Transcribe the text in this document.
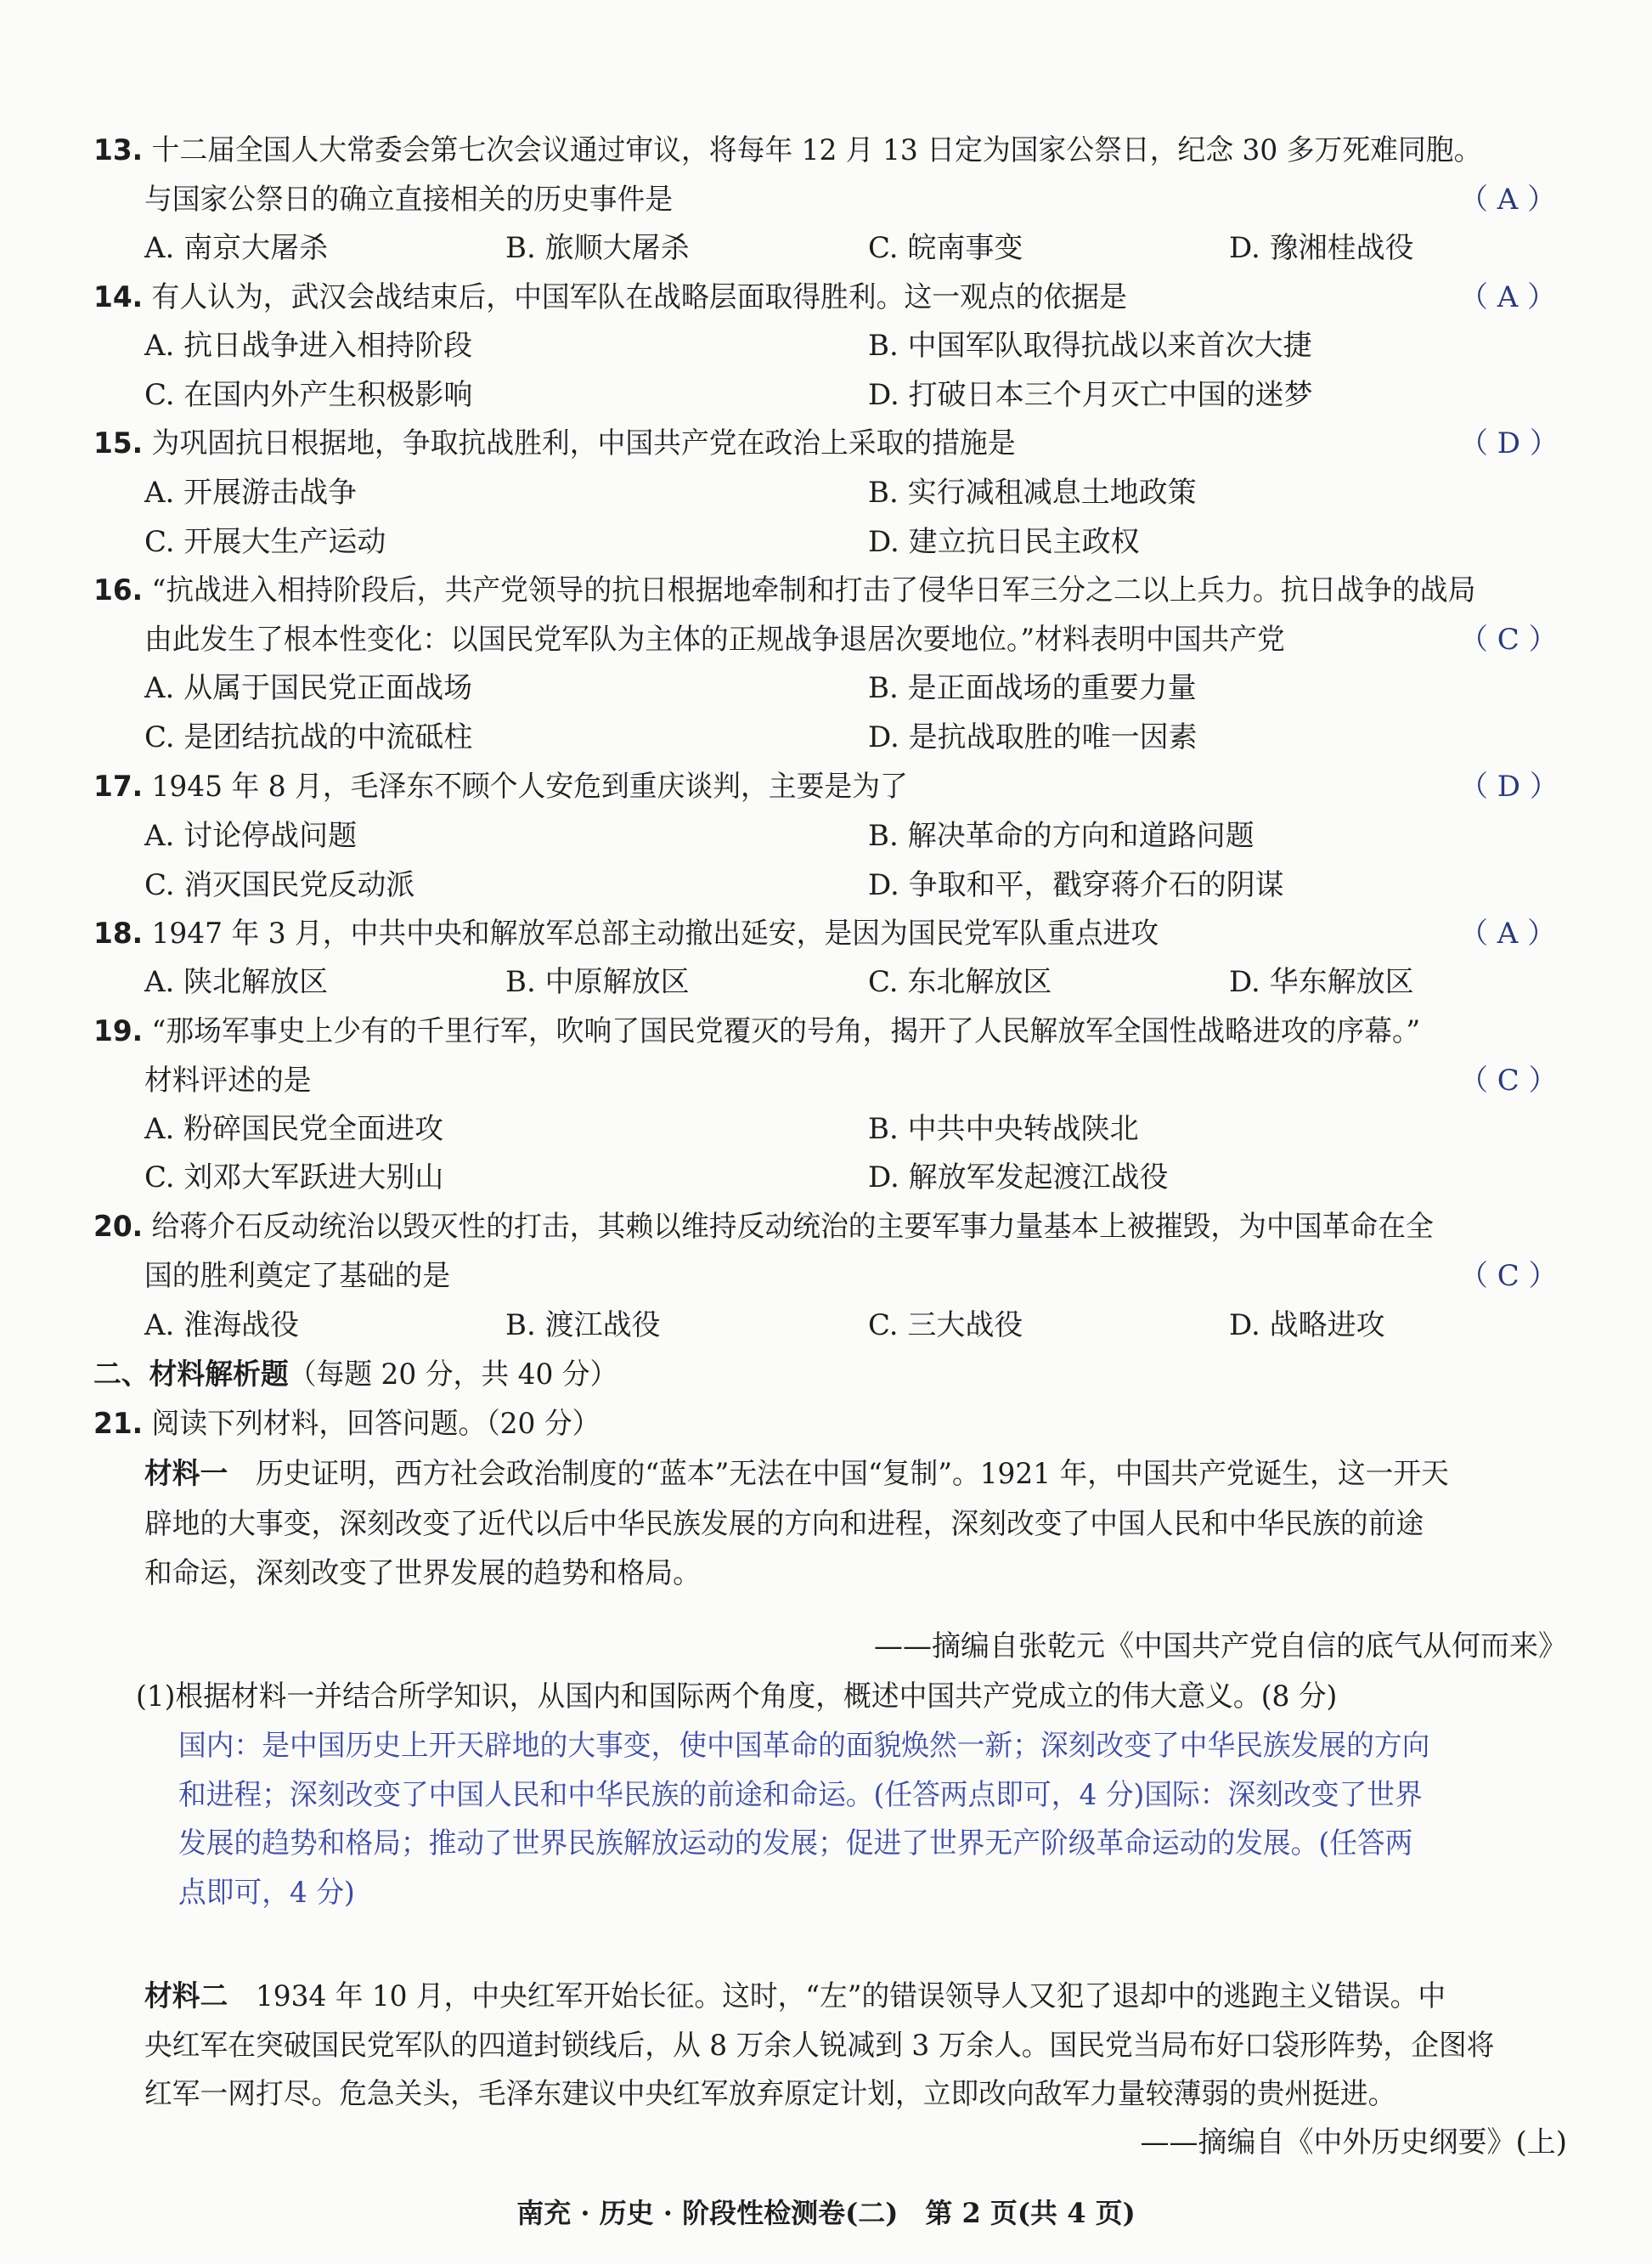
13. 十二届全国人大常委会第七次会议通过审议，将每年 12 月 13 日定为国家公祭日，纪念 30 多万死难同胞。
与国家公祭日的确立直接相关的历史事件是	（ A ）
A. 南京大屠杀	B. 旅顺大屠杀	C. 皖南事变	D. 豫湘桂战役
14. 有人认为，武汉会战结束后，中国军队在战略层面取得胜利。这一观点的依据是	（ A ）
A. 抗日战争进入相持阶段	B. 中国军队取得抗战以来首次大捷
C. 在国内外产生积极影响	D. 打破日本三个月灭亡中国的迷梦
15. 为巩固抗日根据地，争取抗战胜利，中国共产党在政治上采取的措施是	（ D ）
A. 开展游击战争	B. 实行减租减息土地政策
C. 开展大生产运动	D. 建立抗日民主政权
16. “抗战进入相持阶段后，共产党领导的抗日根据地牵制和打击了侵华日军三分之二以上兵力。抗日战争的战局
由此发生了根本性变化：以国民党军队为主体的正规战争退居次要地位。”材料表明中国共产党	（ C ）
A. 从属于国民党正面战场	B. 是正面战场的重要力量
C. 是团结抗战的中流砥柱	D. 是抗战取胜的唯一因素
17. 1945 年 8 月，毛泽东不顾个人安危到重庆谈判，主要是为了	（ D ）
A. 讨论停战问题	B. 解决革命的方向和道路问题
C. 消灭国民党反动派	D. 争取和平，戳穿蒋介石的阴谋
18. 1947 年 3 月，中共中央和解放军总部主动撤出延安，是因为国民党军队重点进攻	（ A ）
A. 陕北解放区	B. 中原解放区	C. 东北解放区	D. 华东解放区
19. “那场军事史上少有的千里行军，吹响了国民党覆灭的号角，揭开了人民解放军全国性战略进攻的序幕。”
材料评述的是	（ C ）
A. 粉碎国民党全面进攻	B. 中共中央转战陕北
C. 刘邓大军跃进大别山	D. 解放军发起渡江战役
20. 给蒋介石反动统治以毁灭性的打击，其赖以维持反动统治的主要军事力量基本上被摧毁，为中国革命在全
国的胜利奠定了基础的是	（ C ）
A. 淮海战役	B. 渡江战役	C. 三大战役	D. 战略进攻
二、材料解析题（每题 20 分，共 40 分）
21. 阅读下列材料，回答问题。（20 分）
材料一　 历史证明，西方社会政治制度的“蓝本”无法在中国“复制”。1921 年，中国共产党诞生，这一开天
辟地的大事变，深刻改变了近代以后中华民族发展的方向和进程，深刻改变了中国人民和中华民族的前途
和命运，深刻改变了世界发展的趋势和格局。
——摘编自张乾元《中国共产党自信的底气从何而来》
(1)根据材料一并结合所学知识，从国内和国际两个角度，概述中国共产党成立的伟大意义。(8 分)
国内：是中国历史上开天辟地的大事变，使中国革命的面貌焕然一新；深刻改变了中华民族发展的方向
和进程；深刻改变了中国人民和中华民族的前途和命运。(任答两点即可，4 分)国际：深刻改变了世界
发展的趋势和格局；推动了世界民族解放运动的发展；促进了世界无产阶级革命运动的发展。(任答两
点即可，4 分)
材料二　 1934 年 10 月，中央红军开始长征。这时，“左”的错误领导人又犯了退却中的逃跑主义错误。中
央红军在突破国民党军队的四道封锁线后，从 8 万余人锐减到 3 万余人。国民党当局布好口袋形阵势，企图将
红军一网打尽。危急关头，毛泽东建议中央红军放弃原定计划，立即改向敌军力量较薄弱的贵州挺进。
——摘编自《中外历史纲要》(上)
南充 · 历史 · 阶段性检测卷(二)　第 2 页(共 4 页)
